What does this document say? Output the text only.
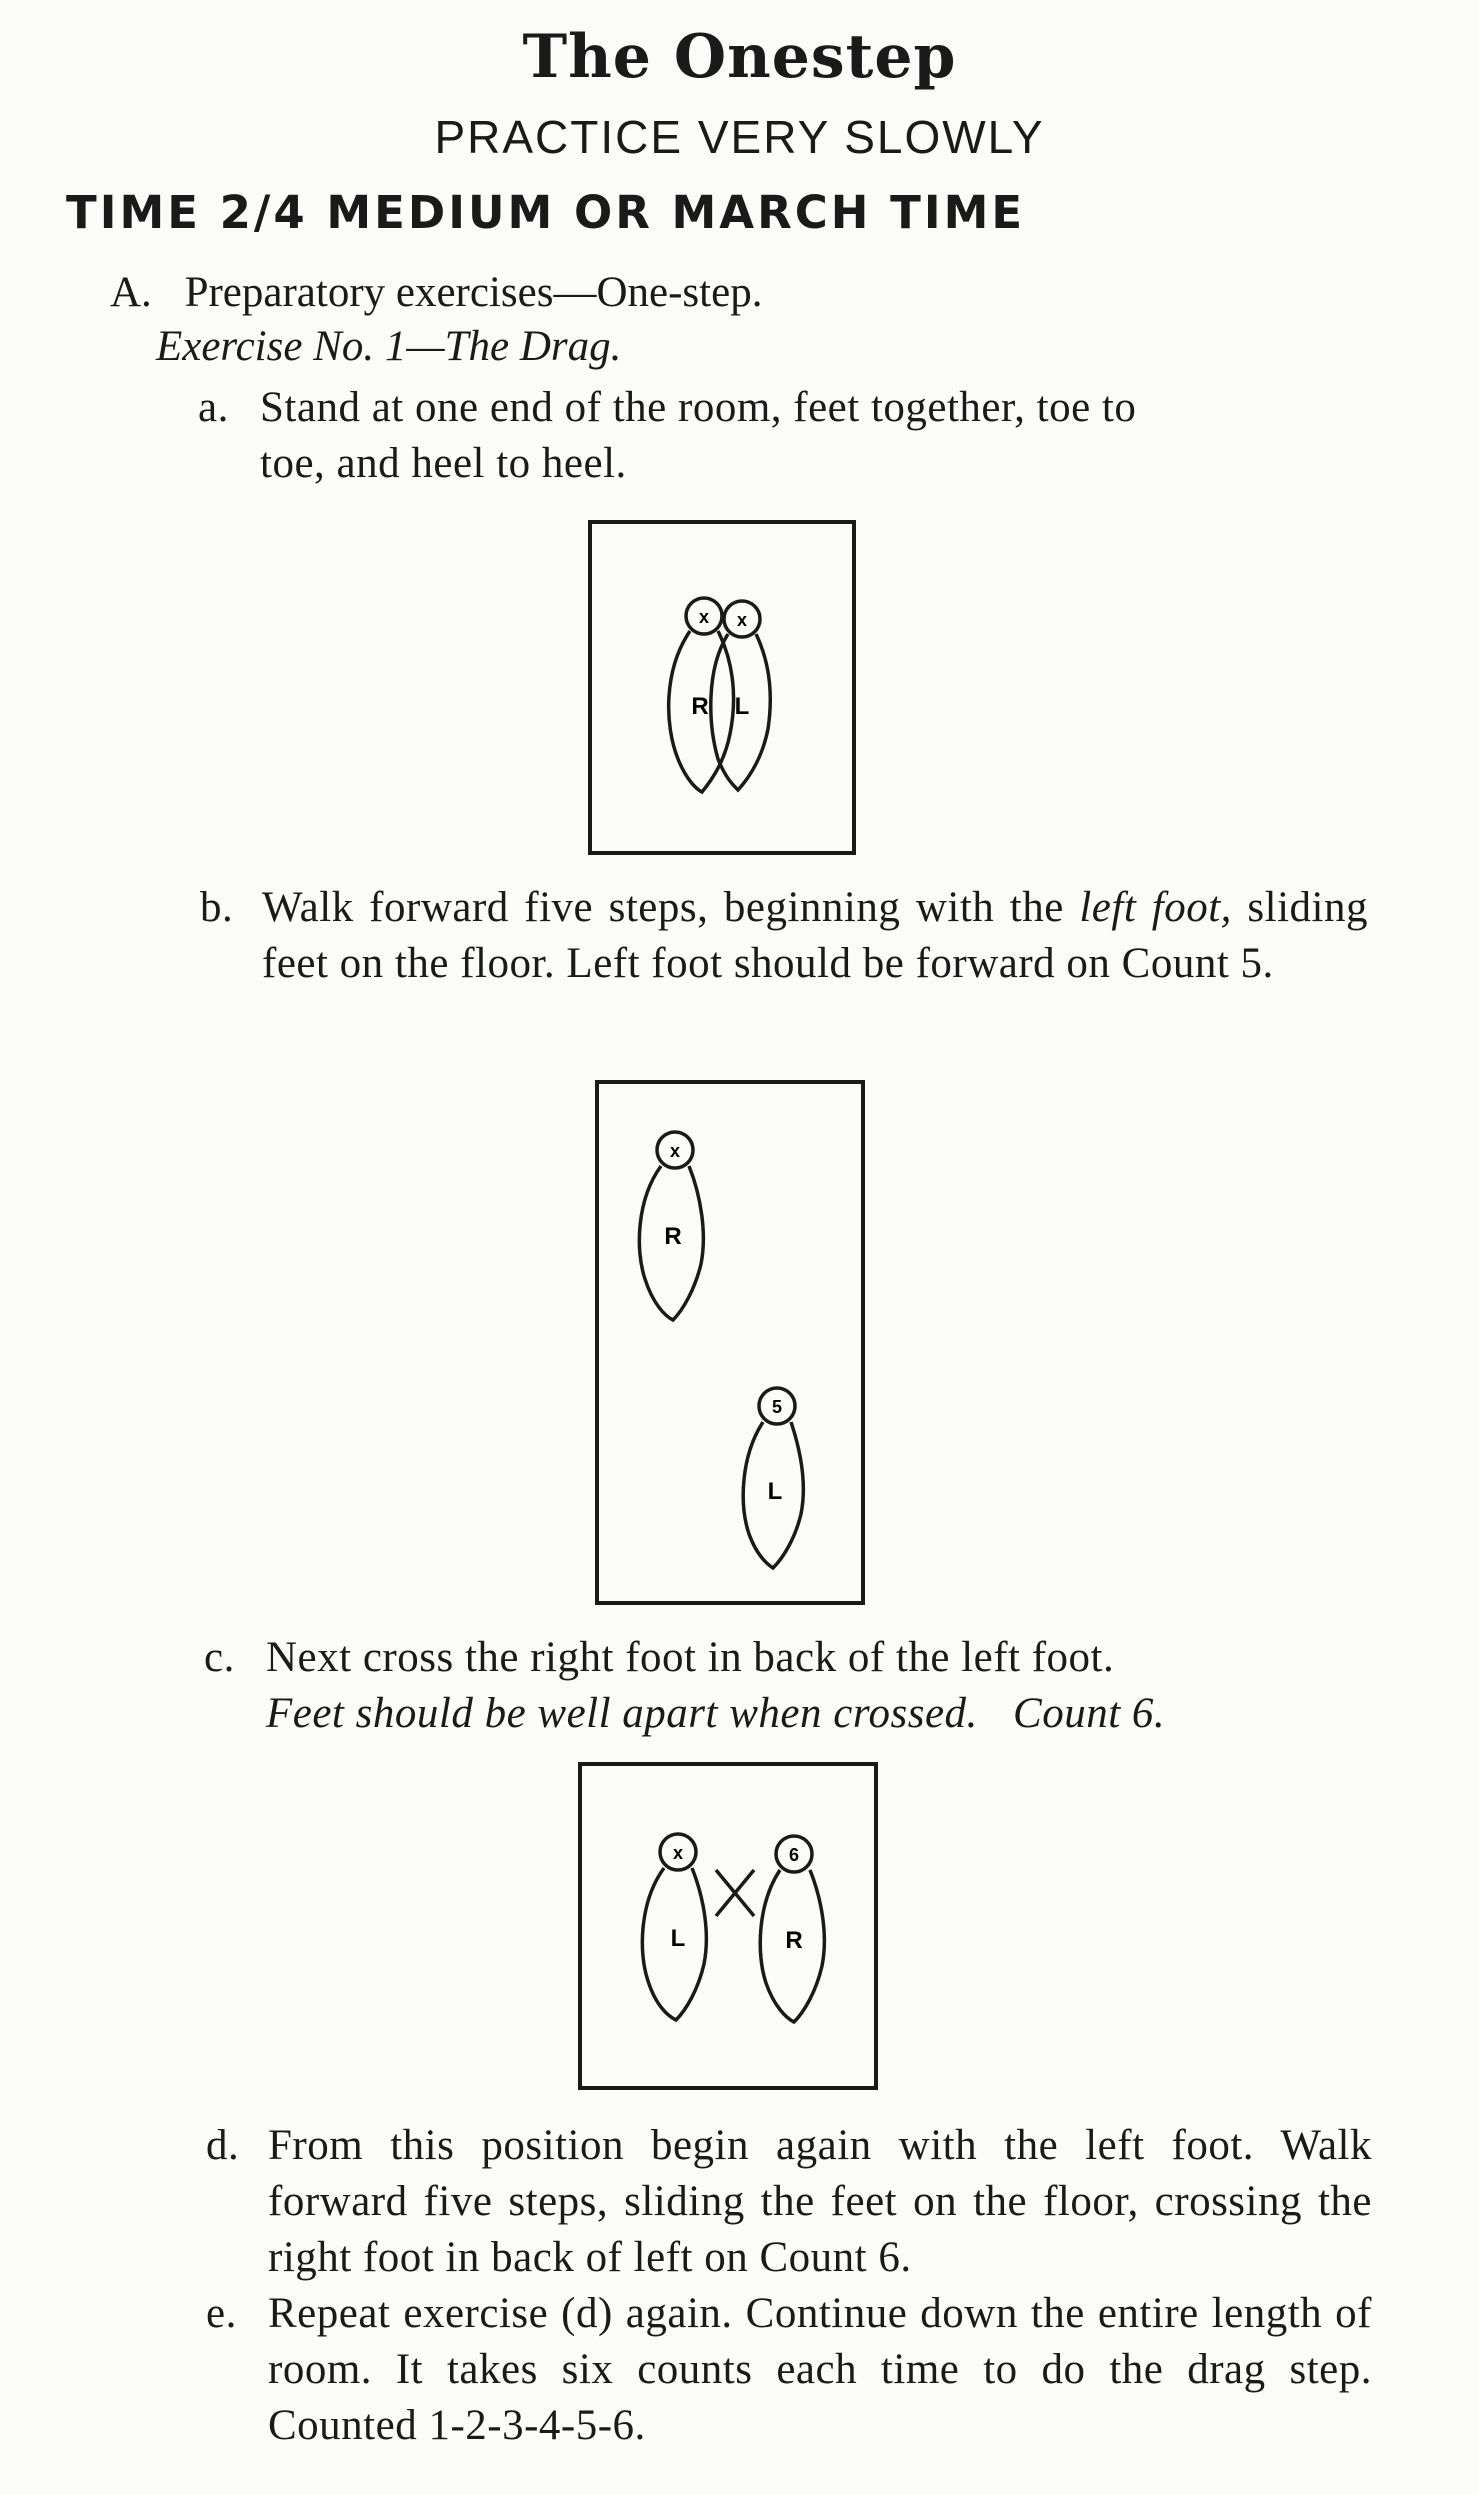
The Onestep
PRACTICE VERY SLOWLY
TIME 2/4 MEDIUM OR MARCH TIME
A. Preparatory exercises—One-step.
Exercise No. 1—The Drag.
a. Stand at one end of the room, feet together, toe to
toe, and heel to heel.
x x
R L
b. Walk forward five steps, beginning with the left foot, sliding feet on the floor. Left foot should be forward on Count 5.
x
R
5
L
c. Next cross the right foot in back of the left foot.
Feet should be well apart when crossed. Count 6.
x
L
6
R
d. From this position begin again with the left foot. Walk forward five steps, sliding the feet on the floor, crossing the right foot in back of left on Count 6.
e. Repeat exercise (d) again. Continue down the entire length of room. It takes six counts each time to do the drag step. Counted 1-2-3-4-5-6.
